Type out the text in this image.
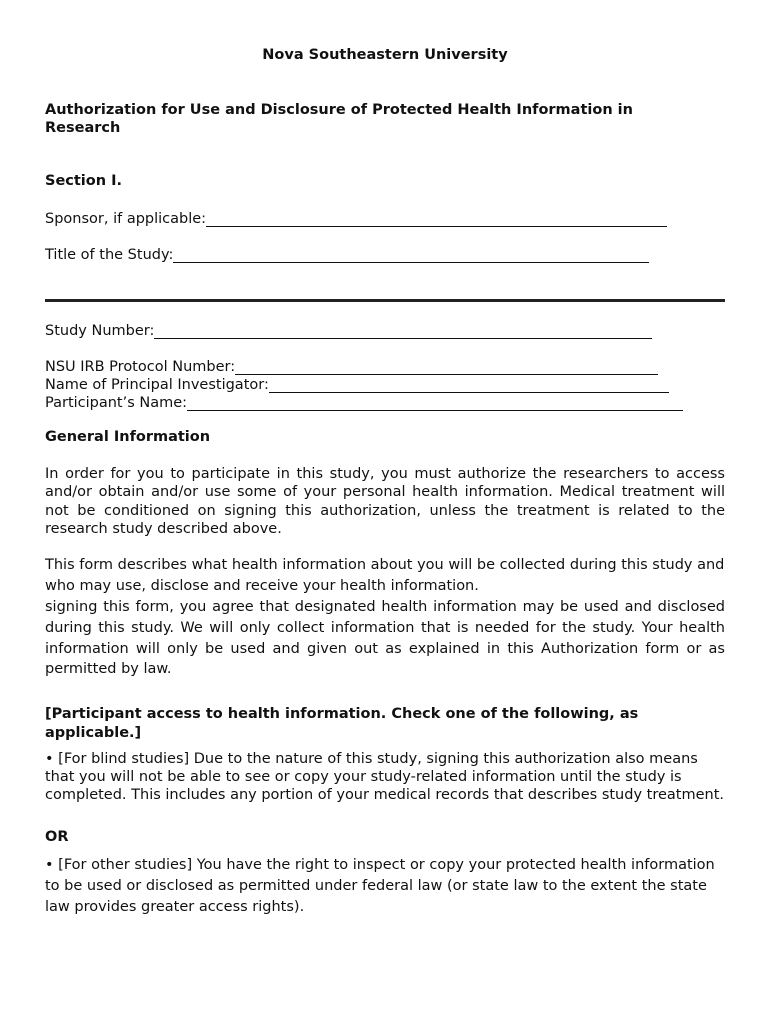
Nova Southeastern University
Authorization for Use and Disclosure of Protected Health Information in Research
Section I.
Sponsor, if applicable:
Title of the Study:
Study Number:
NSU IRB Protocol Number:
Name of Principal Investigator:
Participant’s Name:
General Information
In order for you to participate in this study, you must authorize the researchers to access and/or obtain and/or use some of your personal health information. Medical treatment will not be conditioned on signing this authorization, unless the treatment is related to the research study described above.
This form describes what health information about you will be collected during this study and who may use, disclose and receive your health information.
signing this form, you agree that designated health information may be used and disclosed during this study. We will only collect information that is needed for the study. Your health information will only be used and given out as explained in this Authorization form or as permitted by law.
[Participant access to health information. Check one of the following, as applicable.]
• [For blind studies] Due to the nature of this study, signing this authorization also means that you will not be able to see or copy your study-related information until the study is completed. This includes any portion of your medical records that describes study treatment.
OR
• [For other studies] You have the right to inspect or copy your protected health information to be used or disclosed as permitted under federal law (or state law to the extent the state law provides greater access rights).
